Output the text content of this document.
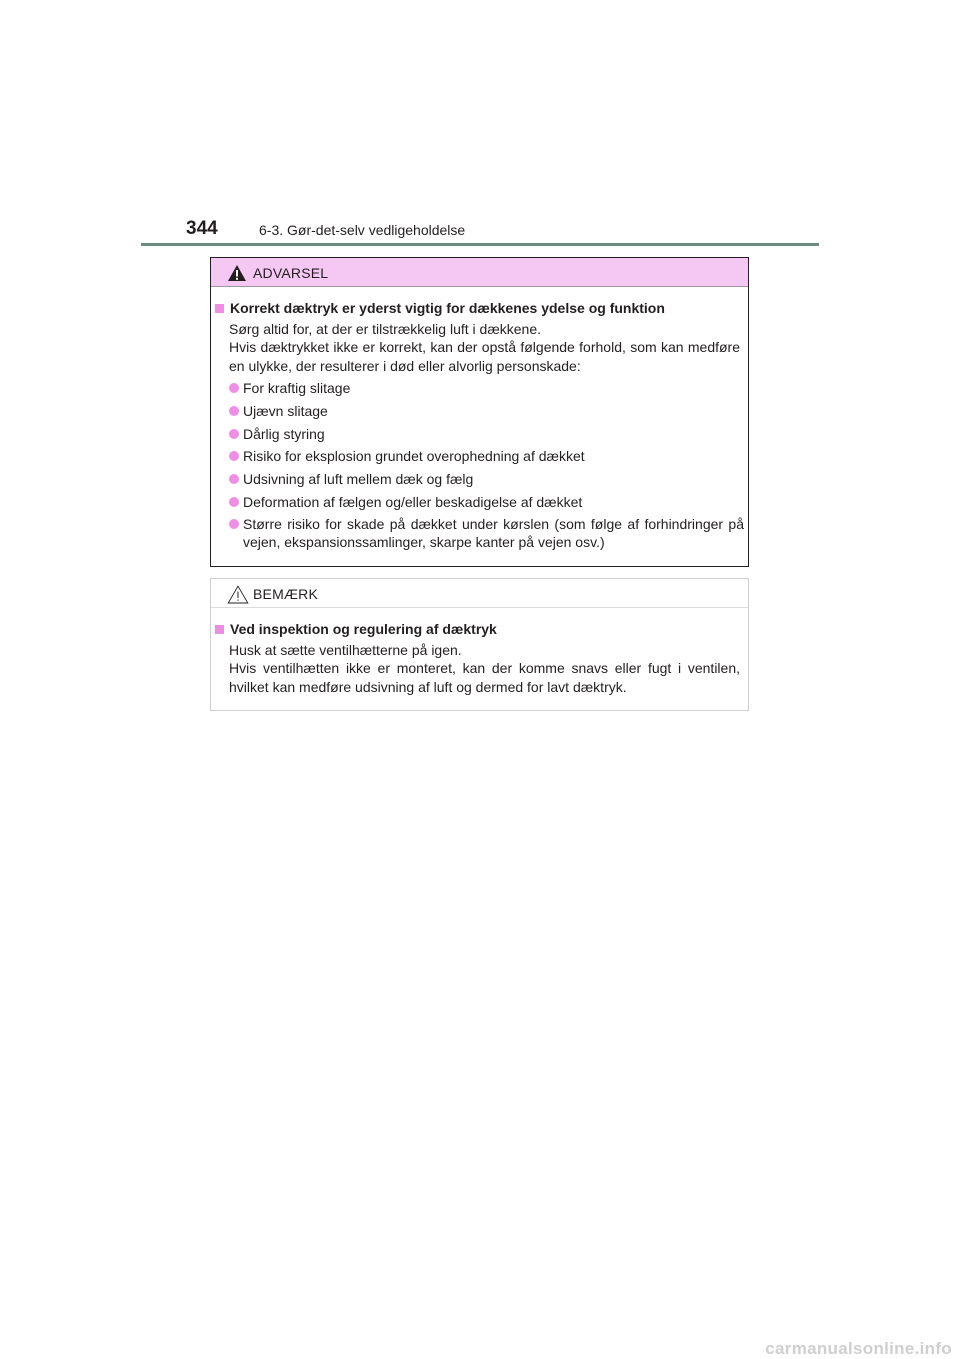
344	6-3. Gør-det-selv vedligeholdelse
ADVARSEL
Korrekt dæktryk er yderst vigtig for dækkenes ydelse og funktion

Sørg altid for, at der er tilstrækkelig luft i dækkene.

Hvis dæktrykket ikke er korrekt, kan der opstå følgende forhold, som kan medføre en ulykke, der resulterer i død eller alvorlig personskade:

For kraftig slitage
Ujævn slitage
Dårlig styring
Risiko for eksplosion grundet overophedning af dækket
Udsivning af luft mellem dæk og fælg
Deformation af fælgen og/eller beskadigelse af dækket
Større risiko for skade på dækket under kørslen (som følge af forhindringer på vejen, ekspansionssamlinger, skarpe kanter på vejen osv.)
BEMÆRK
Ved inspektion og regulering af dæktryk

Husk at sætte ventilhætterne på igen.

Hvis ventilhætten ikke er monteret, kan der komme snavs eller fugt i ventilen, hvilket kan medføre udsivning af luft og dermed for lavt dæktryk.

carmanualsonline.info
